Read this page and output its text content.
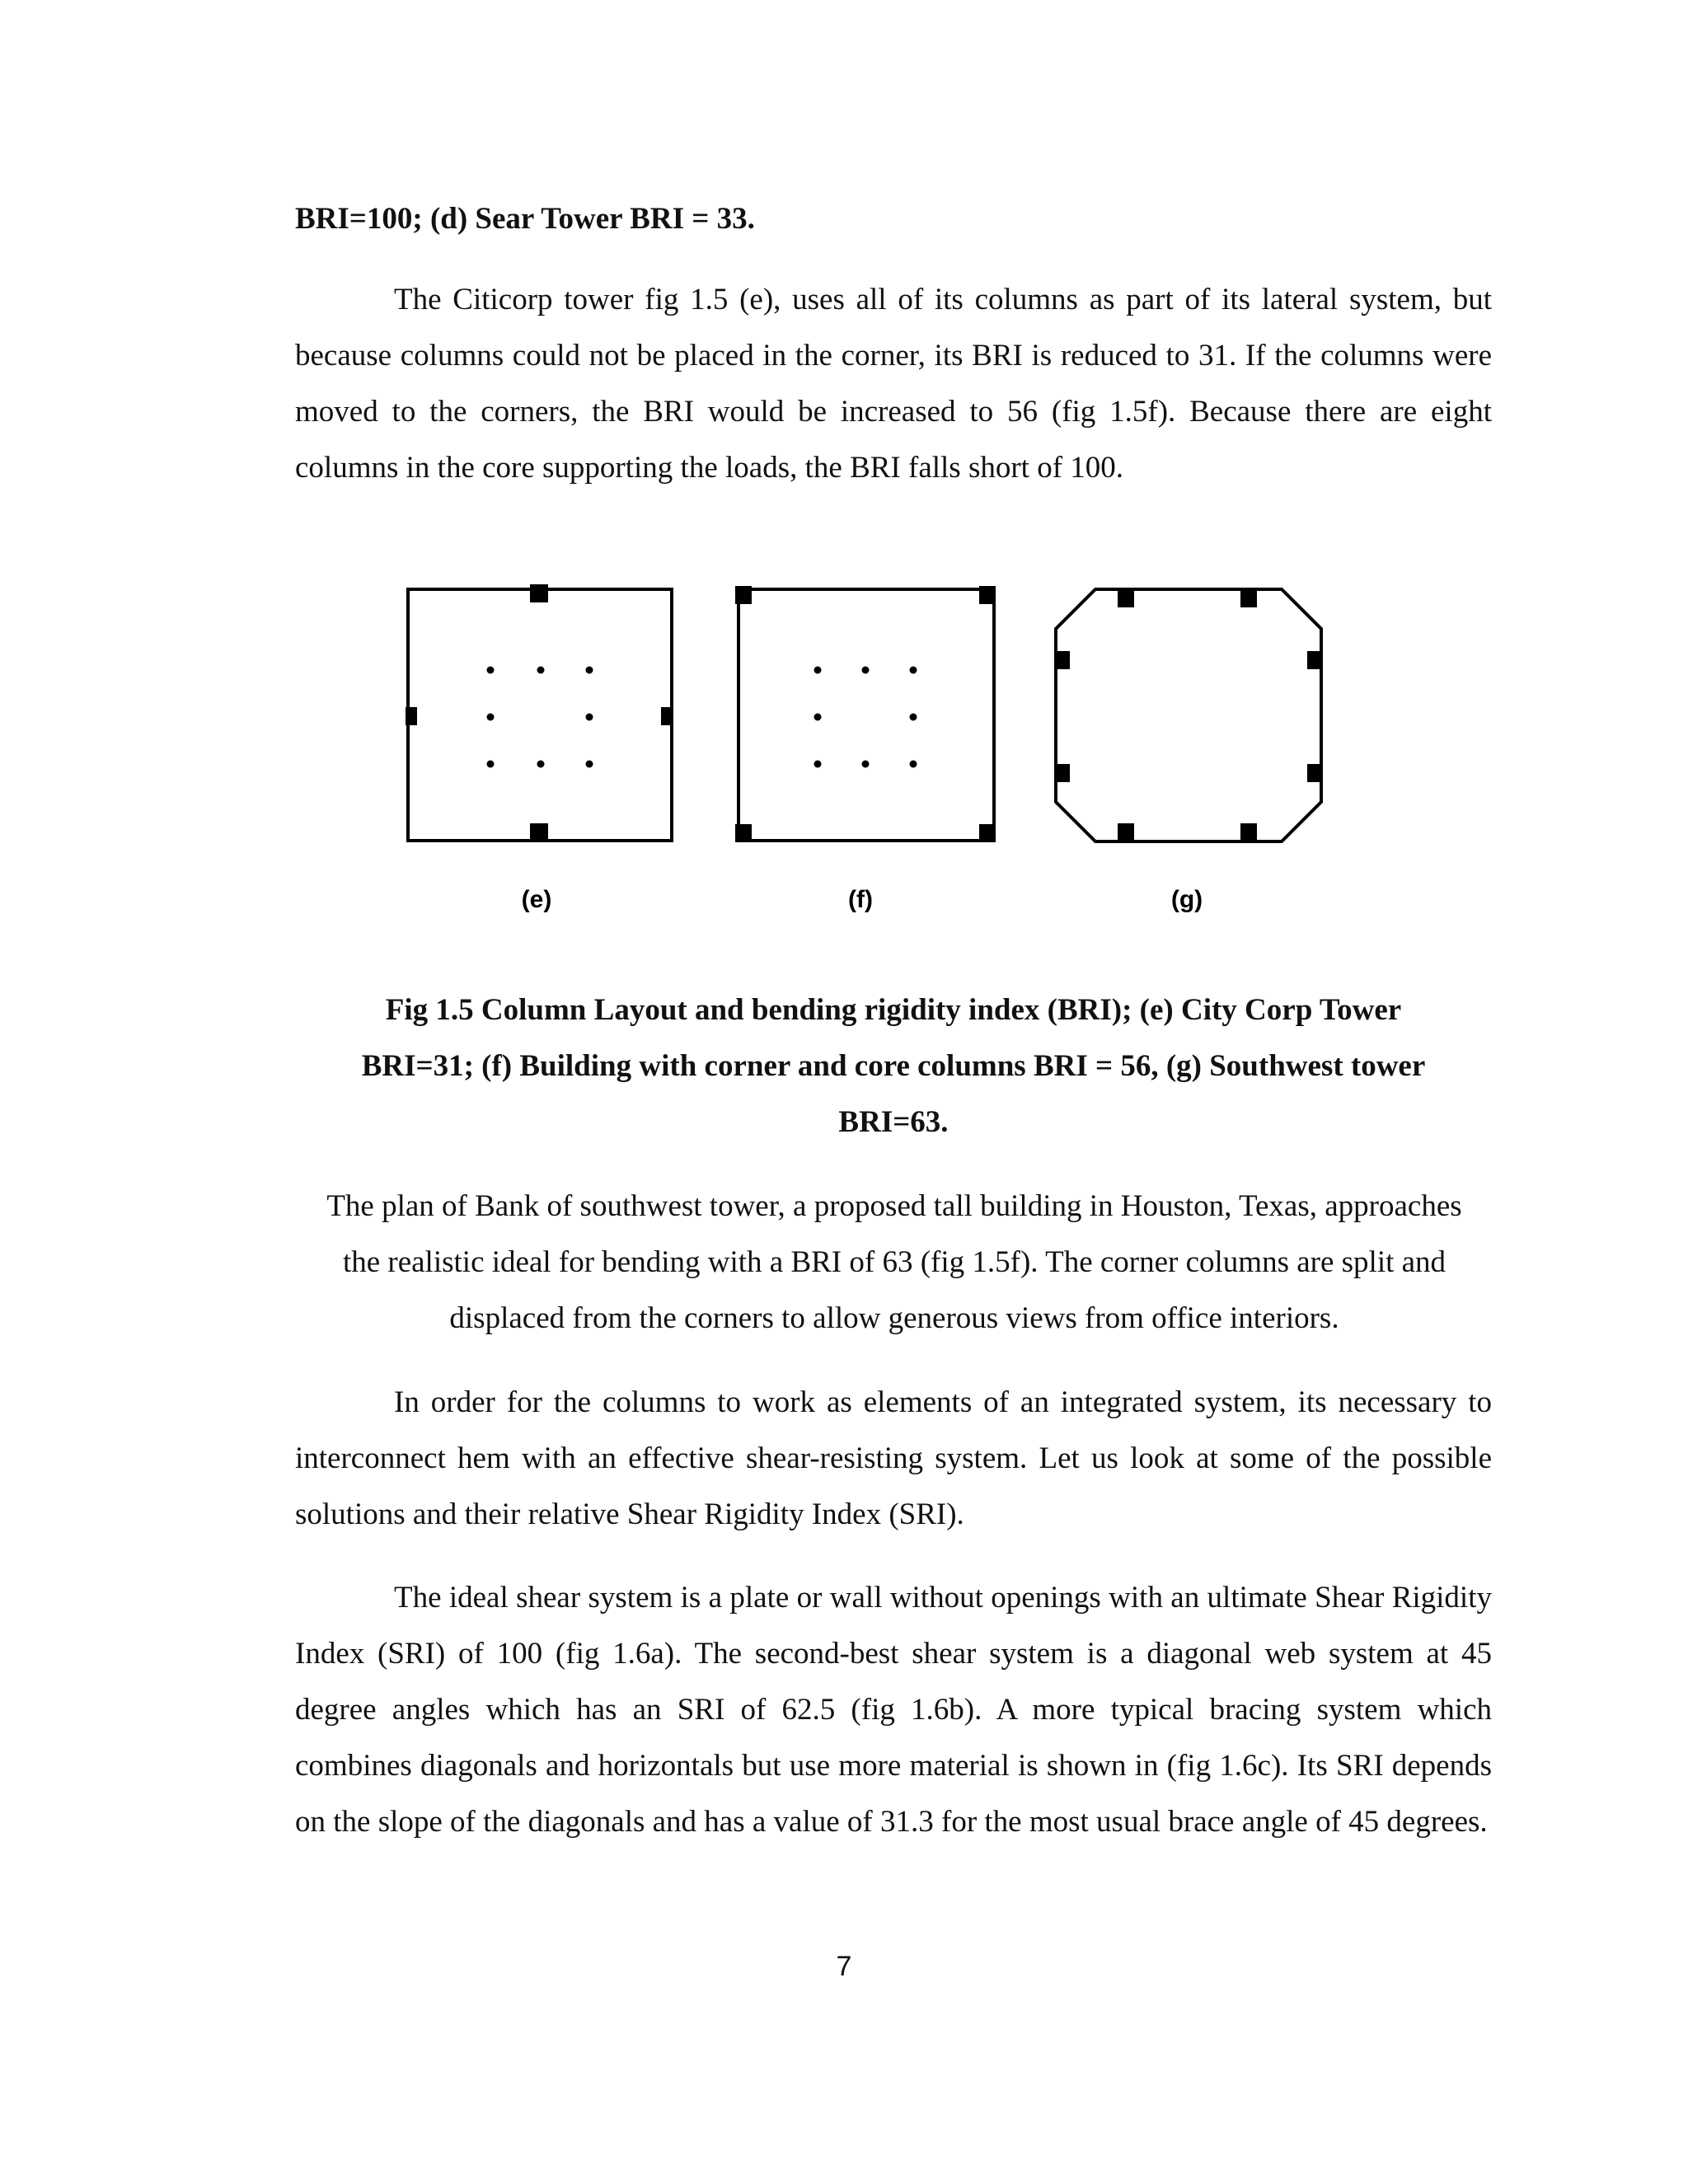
BRI=100; (d) Sear Tower BRI = 33.
The Citicorp tower fig 1.5 (e), uses all of its columns as part of its lateral system, but because columns could not be placed in the corner, its BRI is reduced to 31. If the columns were moved to the corners, the BRI would be increased to 56 (fig 1.5f). Because there are eight columns in the core supporting the loads, the BRI falls short of 100.
(e)	(f)	(g)
Fig 1.5 Column Layout and bending rigidity index (BRI); (e) City Corp Tower
BRI=31; (f) Building with corner and core columns BRI = 56, (g) Southwest tower
BRI=63.
The plan of Bank of southwest tower, a proposed tall building in Houston, Texas, approaches the realistic ideal for bending with a BRI of 63 (fig 1.5f). The corner columns are split and displaced from the corners to allow generous views from office interiors.
In order for the columns to work as elements of an integrated system, its necessary to interconnect hem with an effective shear-resisting system. Let us look at some of the possible solutions and their relative Shear Rigidity Index (SRI).
The ideal shear system is a plate or wall without openings with an ultimate Shear Rigidity Index (SRI) of 100 (fig 1.6a). The second-best shear system is a diagonal web system at 45 degree angles which has an SRI of 62.5 (fig 1.6b). A more typical bracing system which combines diagonals and horizontals but use more material is shown in (fig 1.6c). Its SRI depends on the slope of the diagonals and has a value of 31.3 for the most usual brace angle of 45 degrees.
7
